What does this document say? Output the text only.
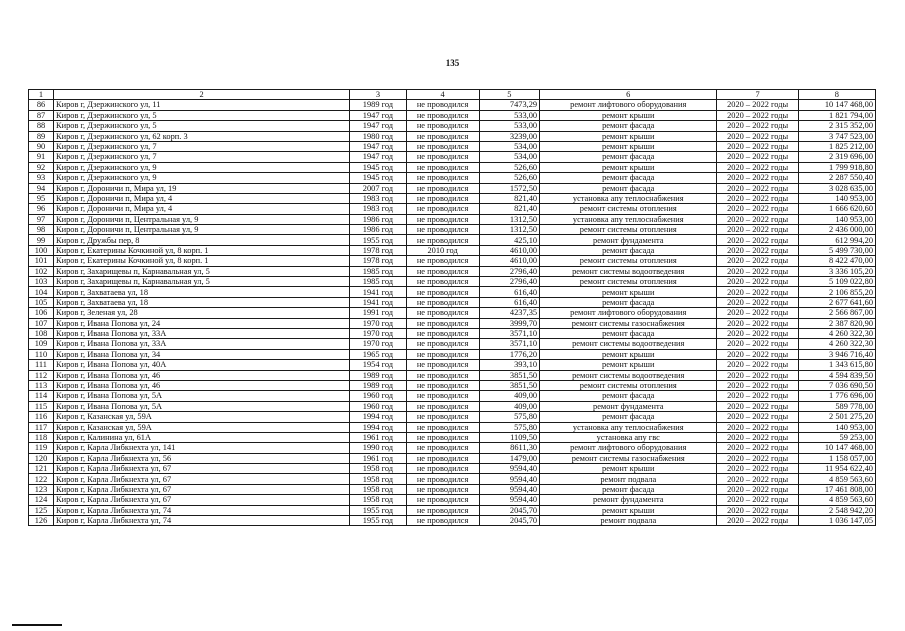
135
1	2	3	4	5	6	7	8
86	Киров г, Дзержинского ул, 11	1989 год	не проводился	7473,29	ремонт лифтового оборудования	2020 – 2022 годы	10 147 468,00
87	Киров г, Дзержинского ул, 5	1947 год	не проводился	533,00	ремонт крыши	2020 – 2022 годы	1 821 794,00
88	Киров г, Дзержинского ул, 5	1947 год	не проводился	533,00	ремонт фасада	2020 – 2022 годы	2 315 352,00
89	Киров г, Дзержинского ул, 62 корп. 3	1980 год	не проводился	3239,00	ремонт крыши	2020 – 2022 годы	3 747 523,00
90	Киров г, Дзержинского ул, 7	1947 год	не проводился	534,00	ремонт крыши	2020 – 2022 годы	1 825 212,00
91	Киров г, Дзержинского ул, 7	1947 год	не проводился	534,00	ремонт фасада	2020 – 2022 годы	2 319 696,00
92	Киров г, Дзержинского ул, 9	1945 год	не проводился	526,60	ремонт крыши	2020 – 2022 годы	1 799 918,80
93	Киров г, Дзержинского ул, 9	1945 год	не проводился	526,60	ремонт фасада	2020 – 2022 годы	2 287 550,40
94	Киров г, Дороничи п, Мира ул, 19	2007 год	не проводился	1572,50	ремонт фасада	2020 – 2022 годы	3 028 635,00
95	Киров г, Дороничи п, Мира ул, 4	1983 год	не проводился	821,40	установка апу теплоснабжения	2020 – 2022 годы	140 953,00
96	Киров г, Дороничи п, Мира ул, 4	1983 год	не проводился	821,40	ремонт системы отопления	2020 – 2022 годы	1 666 620,60
97	Киров г, Дороничи п, Центральная ул, 9	1986 год	не проводился	1312,50	установка апу теплоснабжения	2020 – 2022 годы	140 953,00
98	Киров г, Дороничи п, Центральная ул, 9	1986 год	не проводился	1312,50	ремонт системы отопления	2020 – 2022 годы	2 436 000,00
99	Киров г, Дружбы пер, 8	1955 год	не проводился	425,10	ремонт фундамента	2020 – 2022 годы	612 994,20
100	Киров г, Екатерины Кочкиной ул, 8 корп. 1	1978 год	2010 год	4610,00	ремонт фасада	2020 – 2022 годы	5 499 730,00
101	Киров г, Екатерины Кочкиной ул, 8 корп. 1	1978 год	не проводился	4610,00	ремонт системы отопления	2020 – 2022 годы	8 422 470,00
102	Киров г, Захарищевы п, Карнавальная ул, 5	1985 год	не проводился	2796,40	ремонт системы водоотведения	2020 – 2022 годы	3 336 105,20
103	Киров г, Захарищевы п, Карнавальная ул, 5	1985 год	не проводился	2796,40	ремонт системы отопления	2020 – 2022 годы	5 109 022,80
104	Киров г, Захватаева ул, 18	1941 год	не проводился	616,40	ремонт крыши	2020 – 2022 годы	2 106 855,20
105	Киров г, Захватаева ул, 18	1941 год	не проводился	616,40	ремонт фасада	2020 – 2022 годы	2 677 641,60
106	Киров г, Зеленая ул, 28	1991 год	не проводился	4237,35	ремонт лифтового оборудования	2020 – 2022 годы	2 566 867,00
107	Киров г, Ивана Попова ул, 24	1970 год	не проводился	3999,70	ремонт системы газоснабжения	2020 – 2022 годы	2 387 820,90
108	Киров г, Ивана Попова ул, 33А	1970 год	не проводился	3571,10	ремонт фасада	2020 – 2022 годы	4 260 322,30
109	Киров г, Ивана Попова ул, 33А	1970 год	не проводился	3571,10	ремонт системы водоотведения	2020 – 2022 годы	4 260 322,30
110	Киров г, Ивана Попова ул, 34	1965 год	не проводился	1776,20	ремонт крыши	2020 – 2022 годы	3 946 716,40
111	Киров г, Ивана Попова ул, 40А	1954 год	не проводился	393,10	ремонт крыши	2020 – 2022 годы	1 343 615,80
112	Киров г, Ивана Попова ул, 46	1989 год	не проводился	3851,50	ремонт системы водоотведения	2020 – 2022 годы	4 594 839,50
113	Киров г, Ивана Попова ул, 46	1989 год	не проводился	3851,50	ремонт системы отопления	2020 – 2022 годы	7 036 690,50
114	Киров г, Ивана Попова ул, 5А	1960 год	не проводился	409,00	ремонт фасада	2020 – 2022 годы	1 776 696,00
115	Киров г, Ивана Попова ул, 5А	1960 год	не проводился	409,00	ремонт фундамента	2020 – 2022 годы	589 778,00
116	Киров г, Казанская ул, 59А	1994 год	не проводился	575,80	ремонт фасада	2020 – 2022 годы	2 501 275,20
117	Киров г, Казанская ул, 59А	1994 год	не проводился	575,80	установка апу теплоснабжения	2020 – 2022 годы	140 953,00
118	Киров г, Калинина ул, 61А	1961 год	не проводился	1109,50	установка апу гвс	2020 – 2022 годы	59 253,00
119	Киров г, Карла Либкнехта ул, 141	1990 год	не проводился	8611,30	ремонт лифтового оборудования	2020 – 2022 годы	10 147 468,00
120	Киров г, Карла Либкнехта ул, 56	1961 год	не проводился	1479,00	ремонт системы газоснабжения	2020 – 2022 годы	1 158 057,00
121	Киров г, Карла Либкнехта ул, 67	1958 год	не проводился	9594,40	ремонт крыши	2020 – 2022 годы	11 954 622,40
122	Киров г, Карла Либкнехта ул, 67	1958 год	не проводился	9594,40	ремонт подвала	2020 – 2022 годы	4 859 563,60
123	Киров г, Карла Либкнехта ул, 67	1958 год	не проводился	9594,40	ремонт фасада	2020 – 2022 годы	17 461 808,00
124	Киров г, Карла Либкнехта ул, 67	1958 год	не проводился	9594,40	ремонт фундамента	2020 – 2022 годы	4 859 563,60
125	Киров г, Карла Либкнехта ул, 74	1955 год	не проводился	2045,70	ремонт крыши	2020 – 2022 годы	2 548 942,20
126	Киров г, Карла Либкнехта ул, 74	1955 год	не проводился	2045,70	ремонт подвала	2020 – 2022 годы	1 036 147,05
